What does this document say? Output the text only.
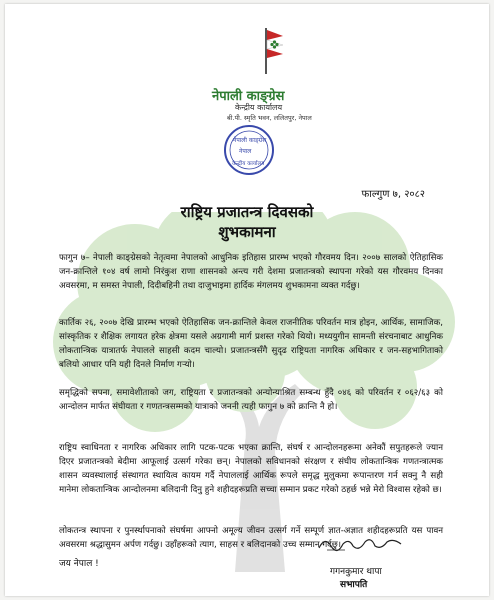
नेपाली काङ्ग्रेस
केन्द्रीय कार्यालय
बी.पी. स्मृति भवन, ललितपुर, नेपाल
नेपाली काङ्ग्रेस
नेपाल
केन्द्रीय कार्यालय
फाल्गुण ७, २०८२
राष्ट्रिय प्रजातन्त्र दिवसको
शुभकामना
फागुन ७– नेपाली काङ्ग्रेसको नेतृत्वमा नेपालको आधुनिक इतिहास प्रारम्भ भएको गौरवमय दिन। २००७ सालको ऐतिहासिक जन-क्रान्तिले १०४ वर्ष लामो निरंकुश राणा शासनको अन्त्य गरी देशमा प्रजातन्त्रको स्थापना गरेको यस गौरवमय दिनका अवसरमा, म समस्त नेपाली, दिदीबहिनी तथा दाजुभाइमा हार्दिक मंगलमय शुभकामना व्यक्त गर्दछु।
कार्तिक २६, २००७ देखि प्रारम्भ भएको ऐतिहासिक जन-क्रान्तिले केवल राजनीतिक परिवर्तन मात्र होइन, आर्थिक, सामाजिक, सांस्कृतिक र शैक्षिक लगायत हरेक क्षेत्रमा यसले अग्रगामी मार्ग प्रशस्त गरेको थियो। मध्ययुगीन सामन्ती संरचनाबाट आधुनिक लोकतान्त्रिक यात्रातर्फ नेपालले साहसी कदम चाल्यो। प्रजातन्त्रसँगै सुदृढ राष्ट्रियता नागरिक अधिकार र जन-सहभागिताको बलियो आधार पनि यही दिनले निर्माण गर्‍यो।
समृद्धिको सपना, समावेशीताको जग, राष्ट्रियता र प्रजातन्त्रको अन्योन्याश्रित सम्बन्ध हुँदै ०४६ को परिवर्तन र ०६२/६३ को आन्दोलन मार्फत संघीयता र गणतन्त्रसम्मको यात्राको जननी त्यही फागुन ७ को क्रान्ति नै हो।
राष्ट्रिय स्वाधिनता र नागरिक अधिकार लागि पटक-पटक भएका क्रान्ति, संघर्ष र आन्दोलनहरूमा अनेकौं सपुतहरूले ज्यान दिएर प्रजातन्त्रको बेदीमा आफूलाई उत्सर्ग गरेका छन्। नेपालको सविधानको संरक्षण र संघीय लोकतान्त्रिक गणतन्त्रात्मक शासन व्यवस्थालाई संस्थागत स्थायित्व कायम गर्दै नेपाललाई आर्थिक रूपले समृद्ध मुलुकमा रूपान्तरण गर्न सक्नु नै सही मानेमा लोकतान्त्रिक आन्दोलनमा बलिदानी दिनु हुने शहीदहरूप्रति सच्चा सम्मान प्रकट गरेको ठहर्छ भन्ने मेरो विश्वास रहेको छ।
लोकतन्त्र स्थापना र पुनर्स्थापनाको संघर्षमा आफ्नो अमूल्य जीवन उत्सर्ग गर्ने सम्पूर्ण ज्ञात-अज्ञात शहीदहरूप्रति यस पावन अवसरमा श्रद्धासुमन अर्पण गर्दछु। उहाँहरूको त्याग, साहस र बलिदानको उच्च सम्मान गर्दछु।
जय नेपाल !
गगनकुमार थापा
सभापति
